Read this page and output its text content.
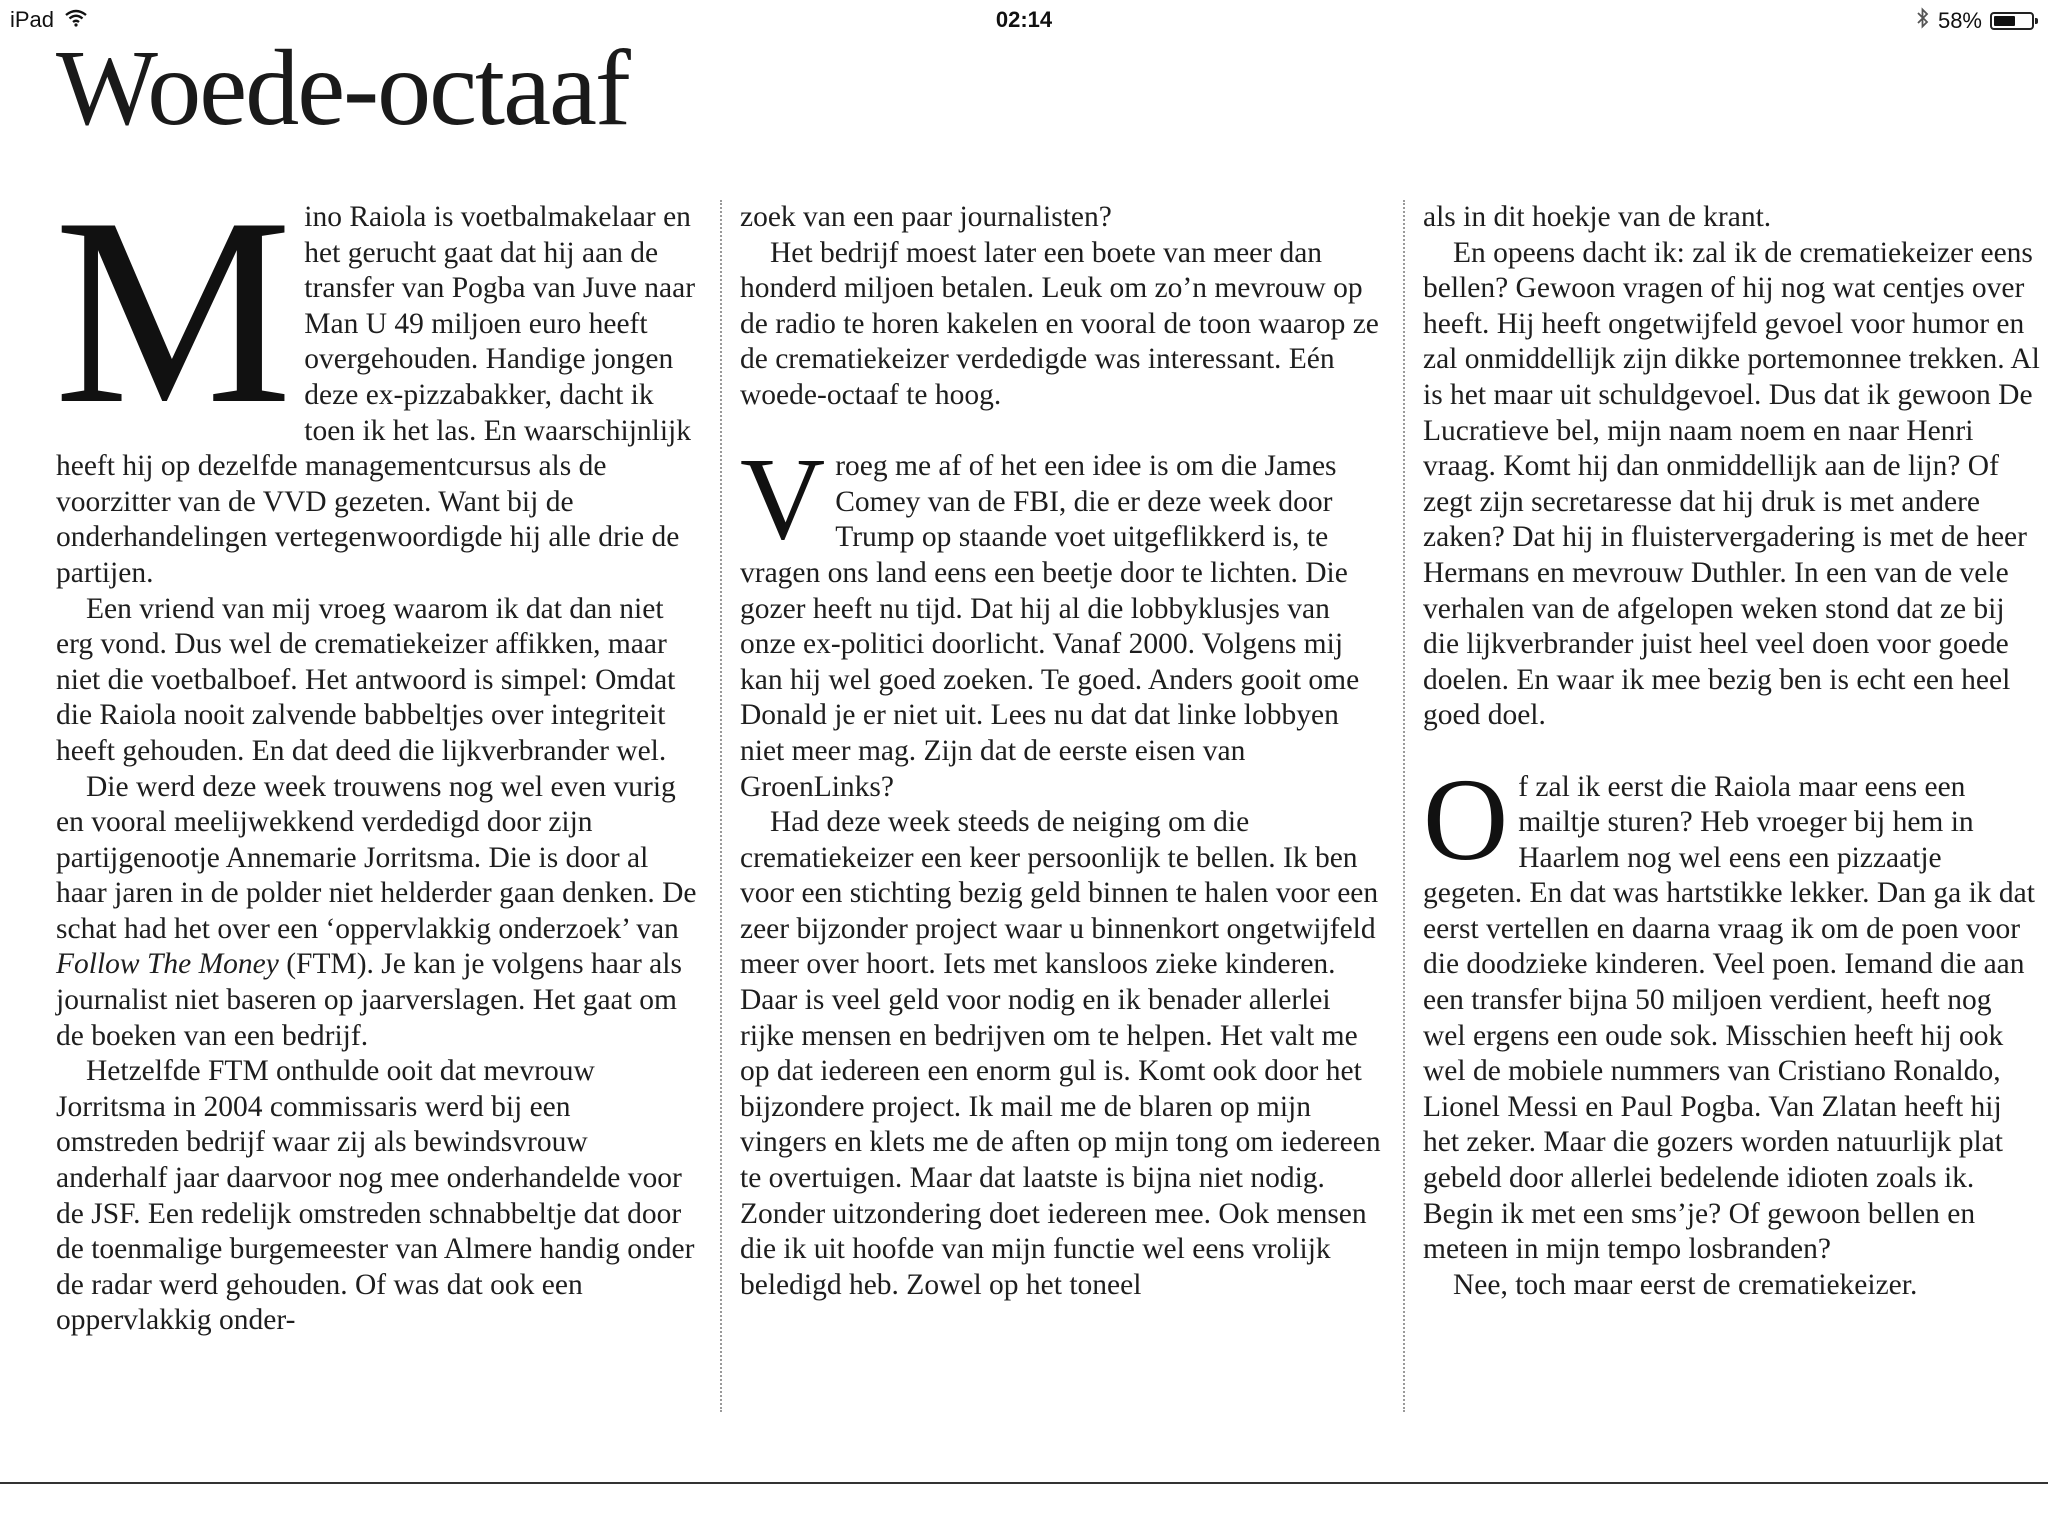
iPad	02:14	58%
Woede-octaaf

Mino Raiola is voetbalmakelaar en het gerucht gaat dat hij aan de transfer van Pogba van Juve naar Man U 49 miljoen euro heeft overgehouden. Handige jongen deze ex-pizzabakker, dacht ik toen ik het las. En waarschijnlijk heeft hij op dezelfde managementcursus als de voorzitter van de VVD gezeten. Want bij de onderhandelingen vertegenwoordigde hij alle drie de partijen.

Een vriend van mij vroeg waarom ik dat dan niet erg vond. Dus wel de crematiekeizer affikken, maar niet die voetbalboef. Het antwoord is simpel: Omdat die Raiola nooit zalvende babbeltjes over integriteit heeft gehouden. En dat deed die lijkverbrander wel.

Die werd deze week trouwens nog wel even vurig en vooral meelijwekkend verdedigd door zijn partijgenootje Annemarie Jorritsma. Die is door al haar jaren in de polder niet helderder gaan denken. De schat had het over een ‘oppervlakkig onderzoek’ van Follow The Money (FTM). Je kan je volgens haar als journalist niet baseren op jaarverslagen. Het gaat om de boeken van een bedrijf.

Hetzelfde FTM onthulde ooit dat mevrouw Jorritsma in 2004 commissaris werd bij een omstreden bedrijf waar zij als bewindsvrouw anderhalf jaar daarvoor nog mee onderhandelde voor de JSF. Een redelijk omstreden schnabbeltje dat door de toenmalige burgemeester van Almere handig onder de radar werd gehouden. Of was dat ook een oppervlakkig onder-

zoek van een paar journalisten?

Het bedrijf moest later een boete van meer dan honderd miljoen betalen. Leuk om zo’n mevrouw op de radio te horen kakelen en vooral de toon waarop ze de crematiekeizer verdedigde was interessant. Eén woede-octaaf te hoog.

Vroeg me af of het een idee is om die James Comey van de FBI, die er deze week door Trump op staande voet uitgeflikkerd is, te vragen ons land eens een beetje door te lichten. Die gozer heeft nu tijd. Dat hij al die lobbyklusjes van onze ex-politici doorlicht. Vanaf 2000. Volgens mij kan hij wel goed zoeken. Te goed. Anders gooit ome Donald je er niet uit. Lees nu dat dat linke lobbyen niet meer mag. Zijn dat de eerste eisen van GroenLinks?

Had deze week steeds de neiging om die crematiekeizer een keer persoonlijk te bellen. Ik ben voor een stichting bezig geld binnen te halen voor een zeer bijzonder project waar u binnenkort ongetwijfeld meer over hoort. Iets met kansloos zieke kinderen. Daar is veel geld voor nodig en ik benader allerlei rijke mensen en bedrijven om te helpen. Het valt me op dat iedereen een enorm gul is. Komt ook door het bijzondere project. Ik mail me de blaren op mijn vingers en klets me de aften op mijn tong om iedereen te overtuigen. Maar dat laatste is bijna niet nodig. Zonder uitzondering doet iedereen mee. Ook mensen die ik uit hoofde van mijn functie wel eens vrolijk beledigd heb. Zowel op het toneel

als in dit hoekje van de krant.

En opeens dacht ik: zal ik de crematiekeizer eens bellen? Gewoon vragen of hij nog wat centjes over heeft. Hij heeft ongetwijfeld gevoel voor humor en zal onmiddellijk zijn dikke portemonnee trekken. Al is het maar uit schuldgevoel. Dus dat ik gewoon De Lucratieve bel, mijn naam noem en naar Henri vraag. Komt hij dan onmiddellijk aan de lijn? Of zegt zijn secretaresse dat hij druk is met andere zaken? Dat hij in fluistervergadering is met de heer Hermans en mevrouw Duthler. In een van de vele verhalen van de afgelopen weken stond dat ze bij die lijkverbrander juist heel veel doen voor goede doelen. En waar ik mee bezig ben is echt een heel goed doel.

Of zal ik eerst die Raiola maar eens een mailtje sturen? Heb vroeger bij hem in Haarlem nog wel eens een pizzaatje gegeten. En dat was hartstikke lekker. Dan ga ik dat eerst vertellen en daarna vraag ik om de poen voor die doodzieke kinderen. Veel poen. Iemand die aan een transfer bijna 50 miljoen verdient, heeft nog wel ergens een oude sok. Misschien heeft hij ook wel de mobiele nummers van Cristiano Ronaldo, Lionel Messi en Paul Pogba. Van Zlatan heeft hij het zeker. Maar die gozers worden natuurlijk plat gebeld door allerlei bedelende idioten zoals ik. Begin ik met een sms’je? Of gewoon bellen en meteen in mijn tempo losbranden?

Nee, toch maar eerst de crematiekeizer.
